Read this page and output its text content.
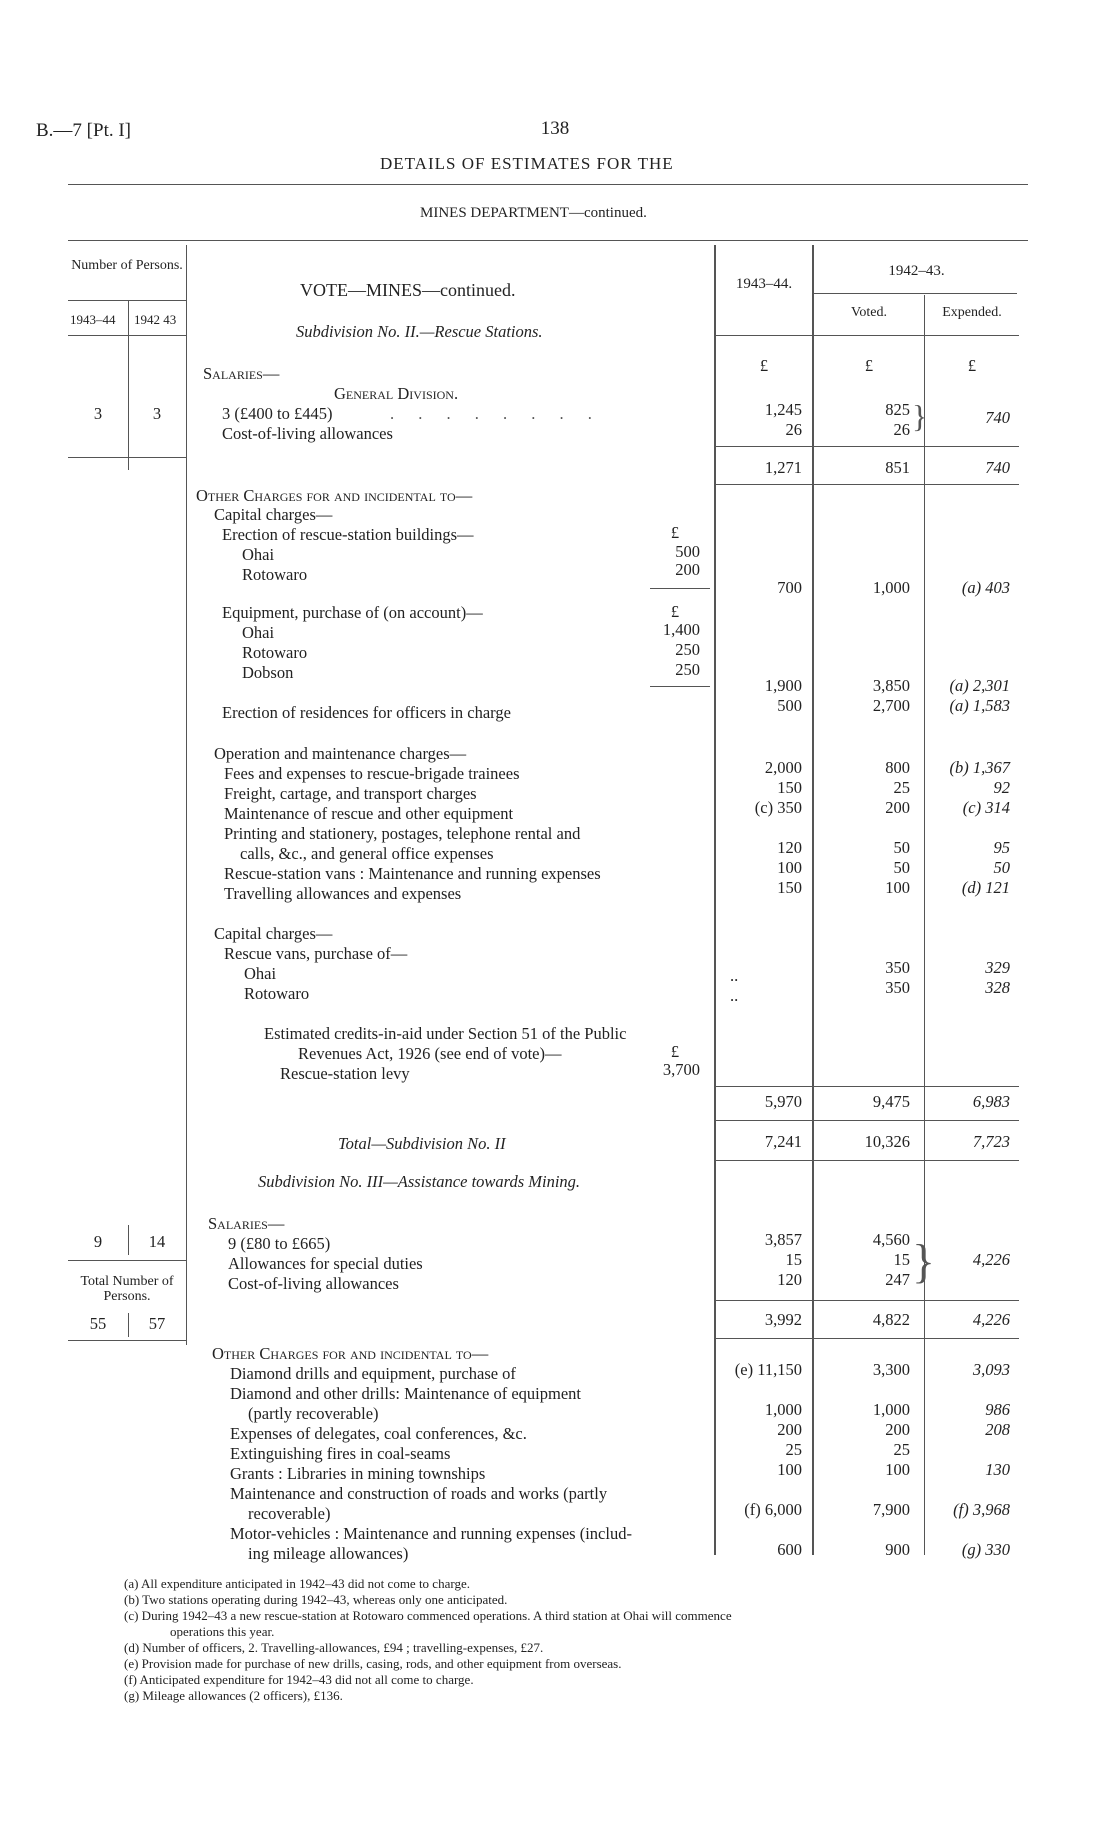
B.—7 [Pt. I]	138
DETAILS OF ESTIMATES FOR THE
MINES DEPARTMENT—continued.
Number of Persons.
1943–44 1942 43
VOTE—MINES—continued.	1943–44.
1942–43.
Voted.	Expended.
£	£	£
Subdivision No. II.—Rescue Stations.
Salaries—
General Division.
3	3	3 (£400 to £445)	. . . . . . . .	1,245	825 }	740
Cost-of-living allowances	26	26
1,271	851	740
Other Charges for and incidental to—
Capital charges—
Erection of rescue-station buildings—	£
Ohai	500
Rotowaro	200
700	1,000	(a) 403
Equipment, purchase of (on account)—	£
Ohai	1,400
Rotowaro	250
Dobson	250
1,900	3,850	(a) 2,301
Erection of residences for officers in charge	500	2,700	(a) 1,583
Operation and maintenance charges—
Fees and expenses to rescue-brigade trainees	2,000	800	(b) 1,367
Freight, cartage, and transport charges	150	25	92
Maintenance of rescue and other equipment	(c) 350	200	(c) 314
Printing and stationery, postages, telephone rental and
calls, &c., and general office expenses	120	50	95
Rescue-station vans : Maintenance and running expenses	100	50	50
Travelling allowances and expenses	150	100	(d) 121
Capital charges—
Rescue vans, purchase of—
Ohai	..	350	329
Rotowaro	..	350	328
Estimated credits-in-aid under Section 51 of the Public
Revenues Act, 1926 (see end of vote)—	£
Rescue-station levy	3,700
5,970	9,475	6,983
Total—Subdivision No. II	7,241	10,326	7,723
Subdivision No. III—Assistance towards Mining.
Salaries—
9	14	9 (£80 to £665)	3,857	4,560
Allowances for special duties	15	15
Cost-of-living allowances	120	247 }	4,226
Total Number of Persons.
55	57	3,992	4,822	4,226
Other Charges for and incidental to—
Diamond drills and equipment, purchase of	(e) 11,150	3,300	3,093
Diamond and other drills: Maintenance of equipment
(partly recoverable)	1,000	1,000	986
Expenses of delegates, coal conferences, &c.	200	200	208
Extinguishing fires in coal-seams	25	25
Grants : Libraries in mining townships	100	100	130
Maintenance and construction of roads and works (partly
recoverable)	(f) 6,000	7,900	(f) 3,968
Motor-vehicles : Maintenance and running expenses (includ-
ing mileage allowances)	600	900	(g) 330
(a) All expenditure anticipated in 1942–43 did not come to charge.
(b) Two stations operating during 1942–43, whereas only one anticipated.
(c) During 1942–43 a new rescue-station at Rotowaro commenced operations. A third station at Ohai will commence
operations this year.
(d) Number of officers, 2. Travelling-allowances, £94 ; travelling-expenses, £27.
(e) Provision made for purchase of new drills, casing, rods, and other equipment from overseas.
(f) Anticipated expenditure for 1942–43 did not all come to charge.
(g) Mileage allowances (2 officers), £136.
